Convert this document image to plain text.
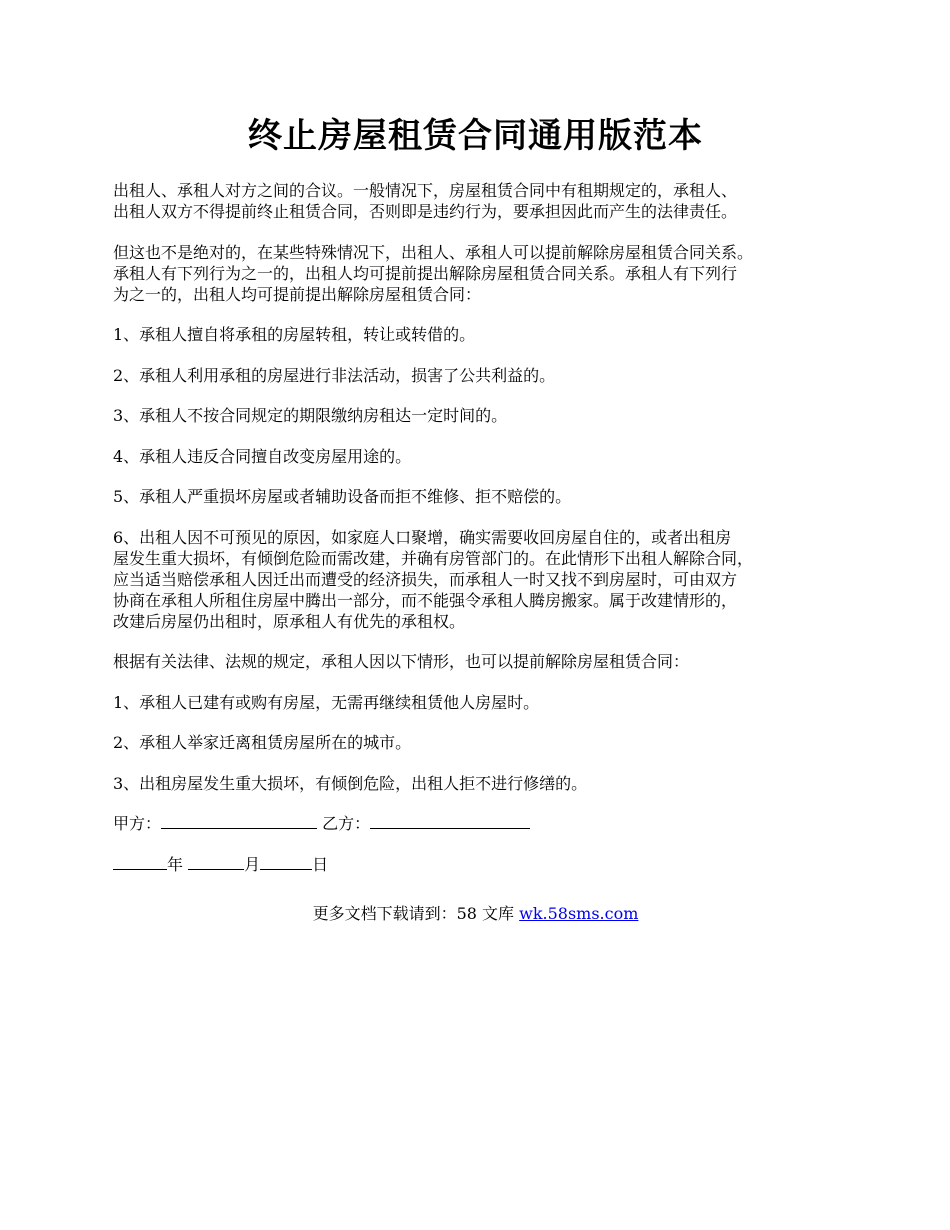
终止房屋租赁合同通用版范本

出租人、承租人对方之间的合议。一般情况下，房屋租赁合同中有租期规定的，承租人、
出租人双方不得提前终止租赁合同，否则即是违约行为，要承担因此而产生的法律责任。

但这也不是绝对的，在某些特殊情况下，出租人、承租人可以提前解除房屋租赁合同关系。
承租人有下列行为之一的，出租人均可提前提出解除房屋租赁合同关系。承租人有下列行
为之一的，出租人均可提前提出解除房屋租赁合同：

1、承租人擅自将承租的房屋转租，转让或转借的。

2、承租人利用承租的房屋进行非法活动，损害了公共利益的。

3、承租人不按合同规定的期限缴纳房租达一定时间的。

4、承租人违反合同擅自改变房屋用途的。

5、承租人严重损坏房屋或者辅助设备而拒不维修、拒不赔偿的。

6、出租人因不可预见的原因，如家庭人口聚增，确实需要收回房屋自住的，或者出租房
屋发生重大损坏，有倾倒危险而需改建，并确有房管部门的。在此情形下出租人解除合同，
应当适当赔偿承租人因迁出而遭受的经济损失，而承租人一时又找不到房屋时，可由双方
协商在承租人所租住房屋中腾出一部分，而不能强令承租人腾房搬家。属于改建情形的，
改建后房屋仍出租时，原承租人有优先的承租权。

根据有关法律、法规的规定，承租人因以下情形，也可以提前解除房屋租赁合同：

1、承租人已建有或购有房屋，无需再继续租赁他人房屋时。

2、承租人举家迁离租赁房屋所在的城市。

3、出租房屋发生重大损坏，有倾倒危险，出租人拒不进行修缮的。

甲方：	乙方：

年	月	日

更多文档下载请到：58 文库 wk.58sms.com
